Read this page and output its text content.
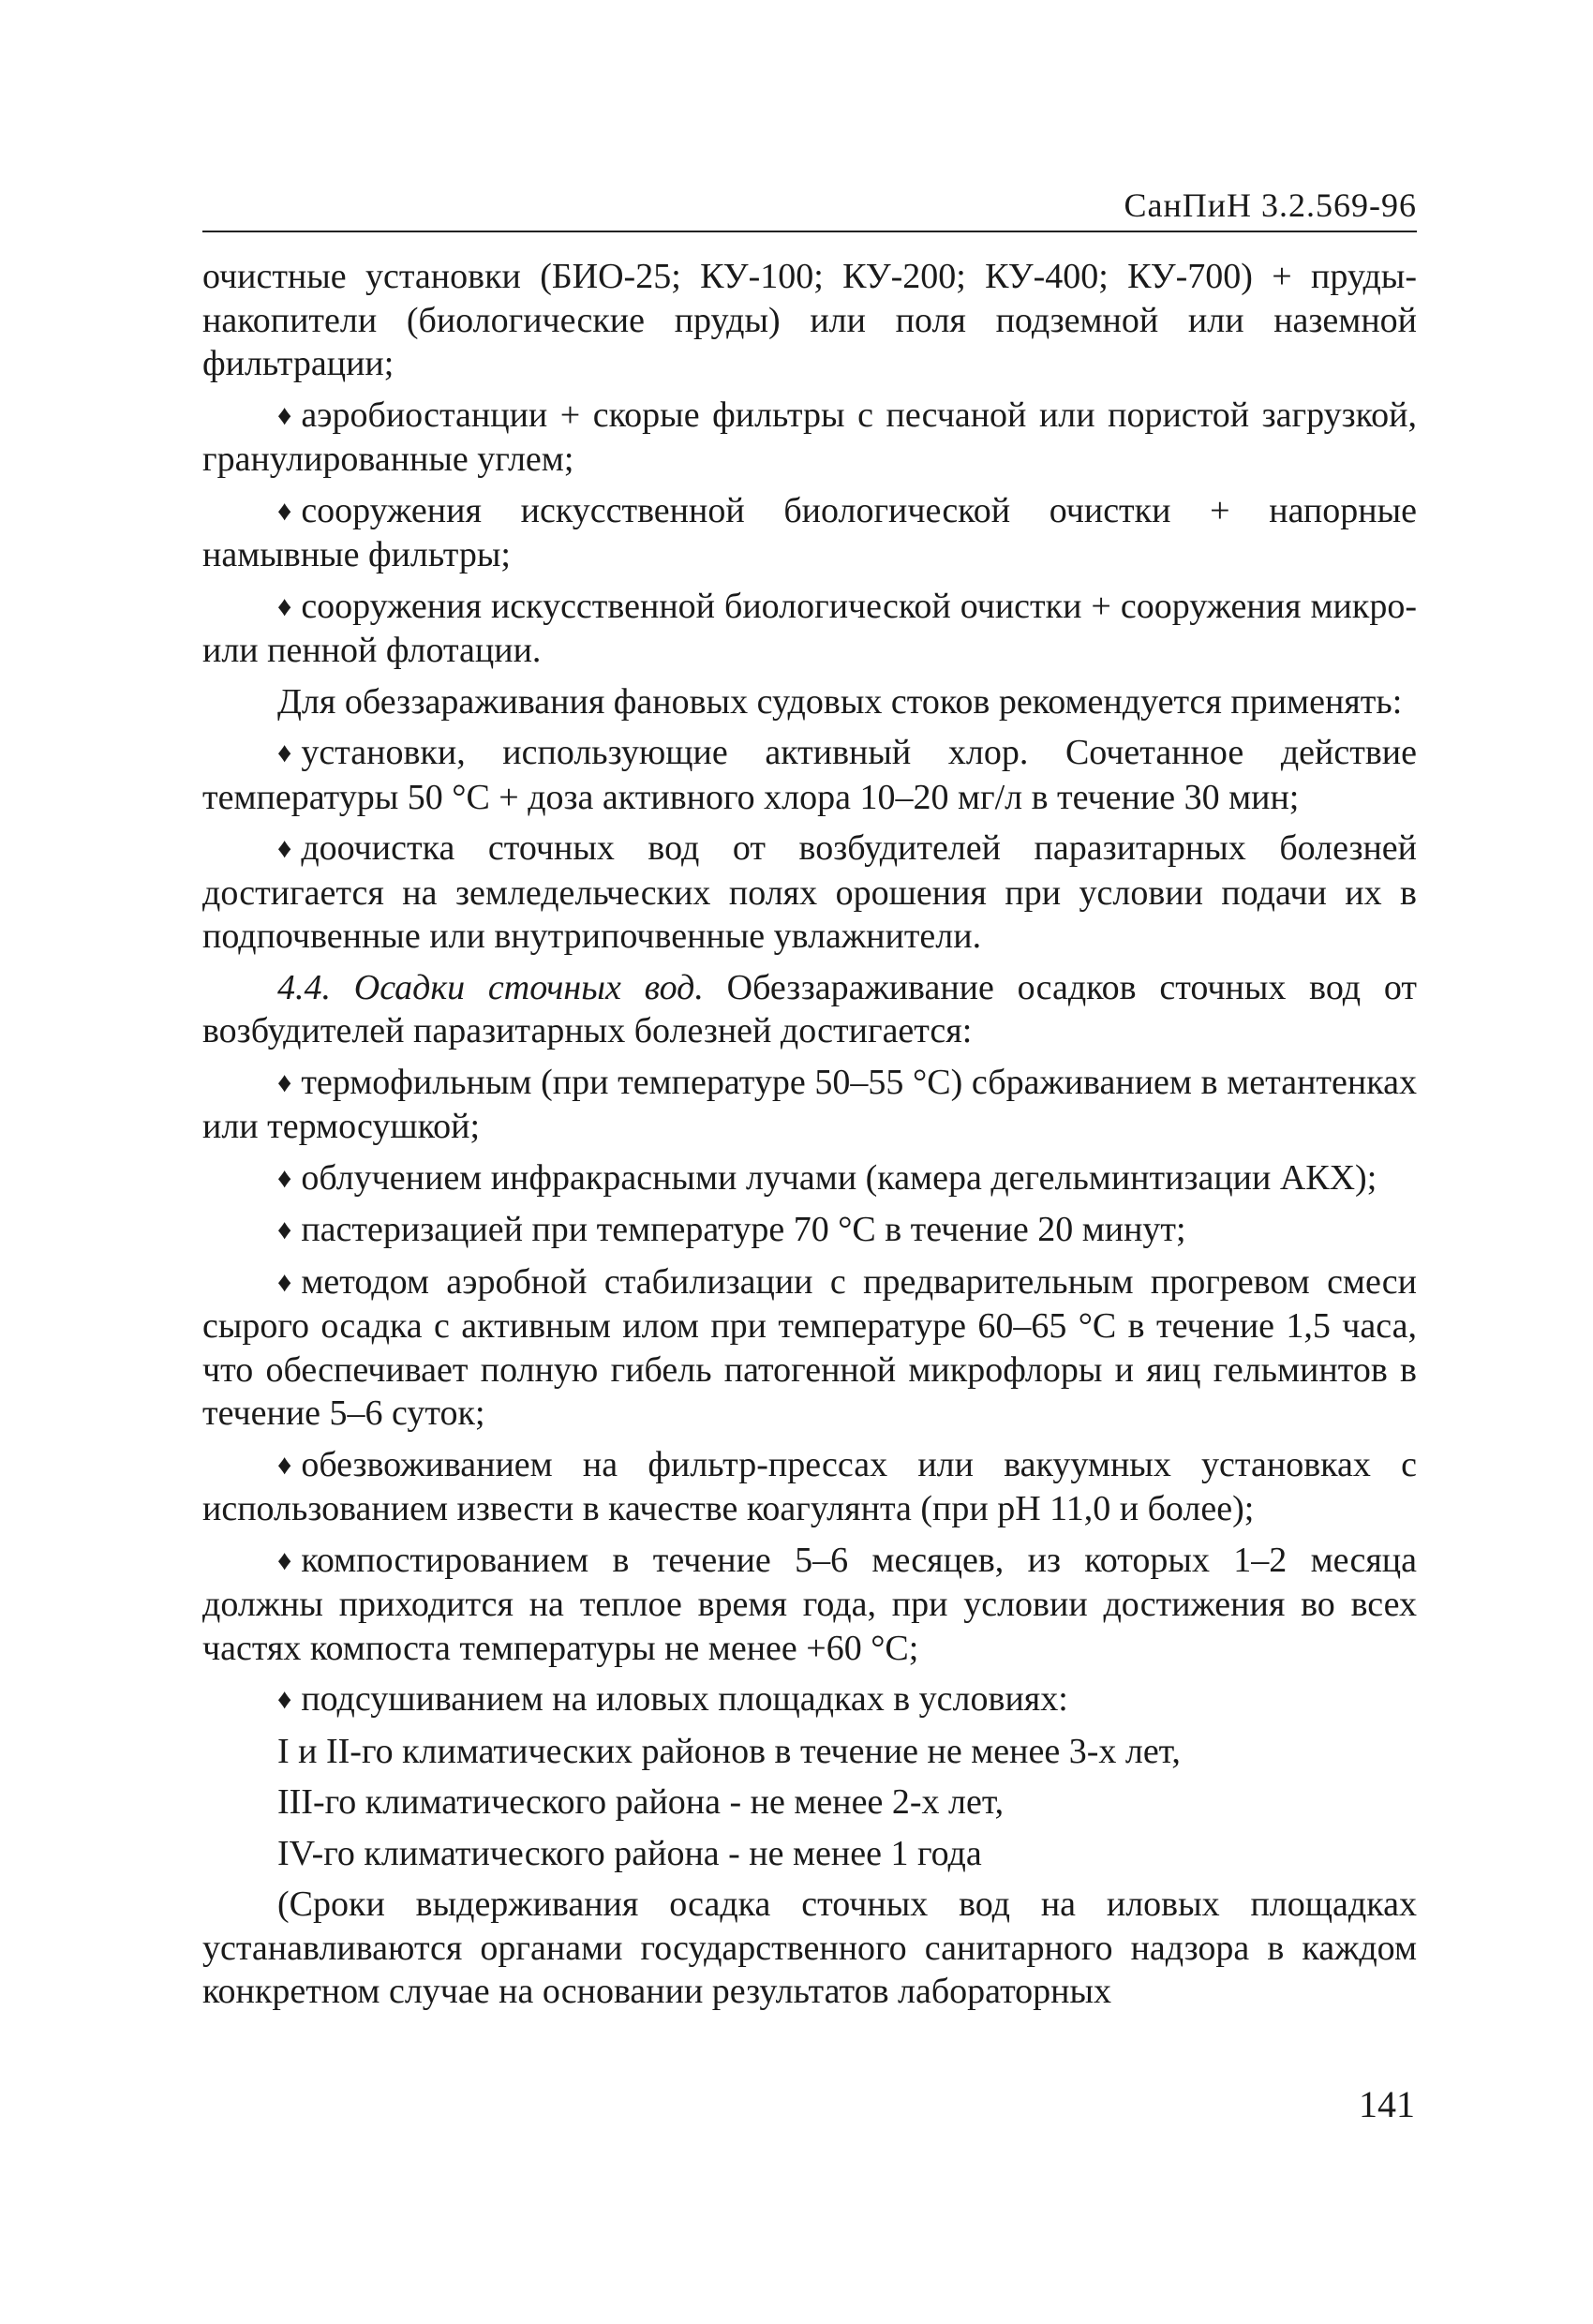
СанПиН 3.2.569-96

очистные установки (БИО-25; КУ-100; КУ-200; КУ-400; КУ-700) + пруды-накопители (биологические пруды) или поля подземной или наземной фильтрации;

♦ аэробиостанции + скорые фильтры с песчаной или пористой загрузкой, гранулированные углем;

♦ сооружения искусственной биологической очистки + напорные намывные фильтры;

♦ сооружения искусственной биологической очистки + сооружения микро- или пенной флотации.

Для обеззараживания фановых судовых стоков рекомендуется применять:

♦ установки, использующие активный хлор. Сочетанное действие температуры 50 °С + доза активного хлора 10–20 мг/л в течение 30 мин;

♦ доочистка сточных вод от возбудителей паразитарных болезней достигается на земледельческих полях орошения при условии подачи их в подпочвенные или внутрипочвенные увлажнители.

4.4. Осадки сточных вод. Обеззараживание осадков сточных вод от возбудителей паразитарных болезней достигается:

♦ термофильным (при температуре 50–55 °С) сбраживанием в метантенках или термосушкой;

♦ облучением инфракрасными лучами (камера дегельминтизации АКХ);

♦ пастеризацией при температуре 70 °С в течение 20 минут;

♦ методом аэробной стабилизации с предварительным прогревом смеси сырого осадка с активным илом при температуре 60–65 °С в течение 1,5 часа, что обеспечивает полную гибель патогенной микрофлоры и яиц гельминтов в течение 5–6 суток;

♦ обезвоживанием на фильтр-прессах или вакуумных установках с использованием извести в качестве коагулянта (при pH 11,0 и более);

♦ компостированием в течение 5–6 месяцев, из которых 1–2 месяца должны приходится на теплое время года, при условии достижения во всех частях компоста температуры не менее +60 °С;

♦ подсушиванием на иловых площадках в условиях:

I и II-го климатических районов в течение не менее 3-х лет,

III-го климатического района - не менее 2-х лет,

IV-го климатического района - не менее 1 года

(Сроки выдерживания осадка сточных вод на иловых площадках устанавливаются органами государственного санитарного надзора в каждом конкретном случае на основании результатов лабораторных

141
